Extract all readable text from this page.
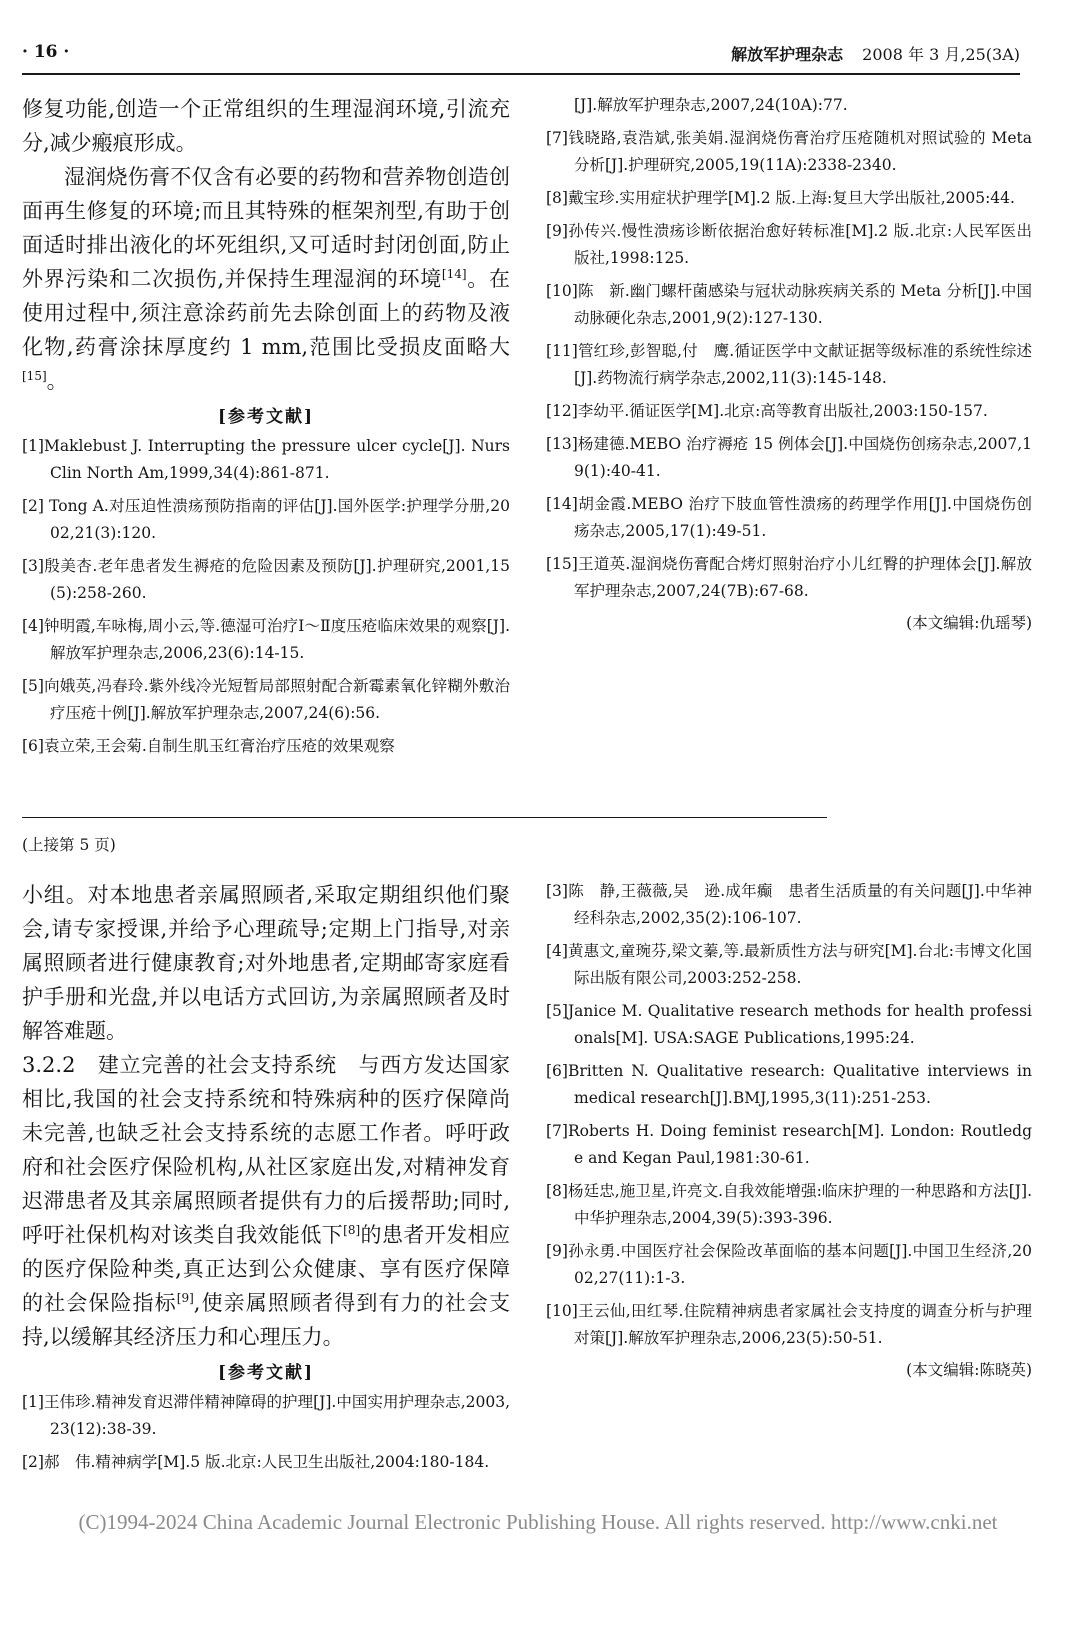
· 16 ·	解放军护理杂志 2008 年 3 月,25(3A)

修复功能,创造一个正常组织的生理湿润环境,引流充分,减少瘢痕形成。

湿润烧伤膏不仅含有必要的药物和营养物创造创面再生修复的环境;而且其特殊的框架剂型,有助于创面适时排出液化的坏死组织,又可适时封闭创面,防止外界污染和二次损伤,并保持生理湿润的环境[14]。在使用过程中,须注意涂药前先去除创面上的药物及液化物,药膏涂抹厚度约 1 mm,范围比受损皮面略大[15]。

[参考文献]
[1]Maklebust J. Interrupting the pressure ulcer cycle[J]. Nurs Clin North Am,1999,34(4):861-871.
[2] Tong A.对压迫性溃疡预防指南的评估[J].国外医学:护理学分册,2002,21(3):120.
[3]殷美杏.老年患者发生褥疮的危险因素及预防[J].护理研究,2001,15(5):258-260.
[4]钟明霞,车咏梅,周小云,等.德湿可治疗Ⅰ～Ⅱ度压疮临床效果的观察[J].解放军护理杂志,2006,23(6):14-15.
[5]向娥英,冯春玲.紫外线冷光短暂局部照射配合新霉素氧化锌糊外敷治疗压疮十例[J].解放军护理杂志,2007,24(6):56.
[6]袁立荣,王会菊.自制生肌玉红膏治疗压疮的效果观察
[J].解放军护理杂志,2007,24(10A):77.
[7]钱晓路,袁浩斌,张美娟.湿润烧伤膏治疗压疮随机对照试验的 Meta 分析[J].护理研究,2005,19(11A):2338-2340.
[8]戴宝珍.实用症状护理学[M].2 版.上海:复旦大学出版社,2005:44.
[9]孙传兴.慢性溃疡诊断依据治愈好转标准[M].2 版.北京:人民军医出版社,1998:125.
[10]陈　新.幽门螺杆菌感染与冠状动脉疾病关系的 Meta 分析[J].中国动脉硬化杂志,2001,9(2):127-130.
[11]管红珍,彭智聪,付　鹰.循证医学中文献证据等级标准的系统性综述[J].药物流行病学杂志,2002,11(3):145-148.
[12]李幼平.循证医学[M].北京:高等教育出版社,2003:150-157.
[13]杨建德.MEBO 治疗褥疮 15 例体会[J].中国烧伤创疡杂志,2007,19(1):40-41.
[14]胡金霞.MEBO 治疗下肢血管性溃疡的药理学作用[J].中国烧伤创疡杂志,2005,17(1):49-51.
[15]王道英.湿润烧伤膏配合烤灯照射治疗小儿红臀的护理体会[J].解放军护理杂志,2007,24(7B):67-68.
(本文编辑:仇瑶琴)
(上接第 5 页)

小组。对本地患者亲属照顾者,采取定期组织他们聚会,请专家授课,并给予心理疏导;定期上门指导,对亲属照顾者进行健康教育;对外地患者,定期邮寄家庭看护手册和光盘,并以电话方式回访,为亲属照顾者及时解答难题。

3.2.2　建立完善的社会支持系统　与西方发达国家相比,我国的社会支持系统和特殊病种的医疗保障尚未完善,也缺乏社会支持系统的志愿工作者。呼吁政府和社会医疗保险机构,从社区家庭出发,对精神发育迟滞患者及其亲属照顾者提供有力的后援帮助;同时,呼吁社保机构对该类自我效能低下[8]的患者开发相应的医疗保险种类,真正达到公众健康、享有医疗保障的社会保险指标[9],使亲属照顾者得到有力的社会支持,以缓解其经济压力和心理压力。

[参考文献]
[1]王伟珍.精神发育迟滞伴精神障碍的护理[J].中国实用护理杂志,2003,23(12):38-39.
[2]郝　伟.精神病学[M].5 版.北京:人民卫生出版社,2004:180-184.
[3]陈　静,王薇薇,吴　逊.成年癫　患者生活质量的有关问题[J].中华神经科杂志,2002,35(2):106-107.
[4]黄惠文,童琬芬,梁文蓁,等.最新质性方法与研究[M].台北:韦博文化国际出版有限公司,2003:252-258.
[5]Janice M. Qualitative research methods for health professionals[M]. USA:SAGE Publications,1995:24.
[6]Britten N. Qualitative research: Qualitative interviews in medical research[J].BMJ,1995,3(11):251-253.
[7]Roberts H. Doing feminist research[M]. London: Routledge and Kegan Paul,1981:30-61.
[8]杨廷忠,施卫星,许亮文.自我效能增强:临床护理的一种思路和方法[J].中华护理杂志,2004,39(5):393-396.
[9]孙永勇.中国医疗社会保险改革面临的基本问题[J].中国卫生经济,2002,27(11):1-3.
[10]王云仙,田红琴.住院精神病患者家属社会支持度的调查分析与护理对策[J].解放军护理杂志,2006,23(5):50-51.
(本文编辑:陈晓英)
(C)1994-2024 China Academic Journal Electronic Publishing House. All rights reserved. http://www.cnki.net
